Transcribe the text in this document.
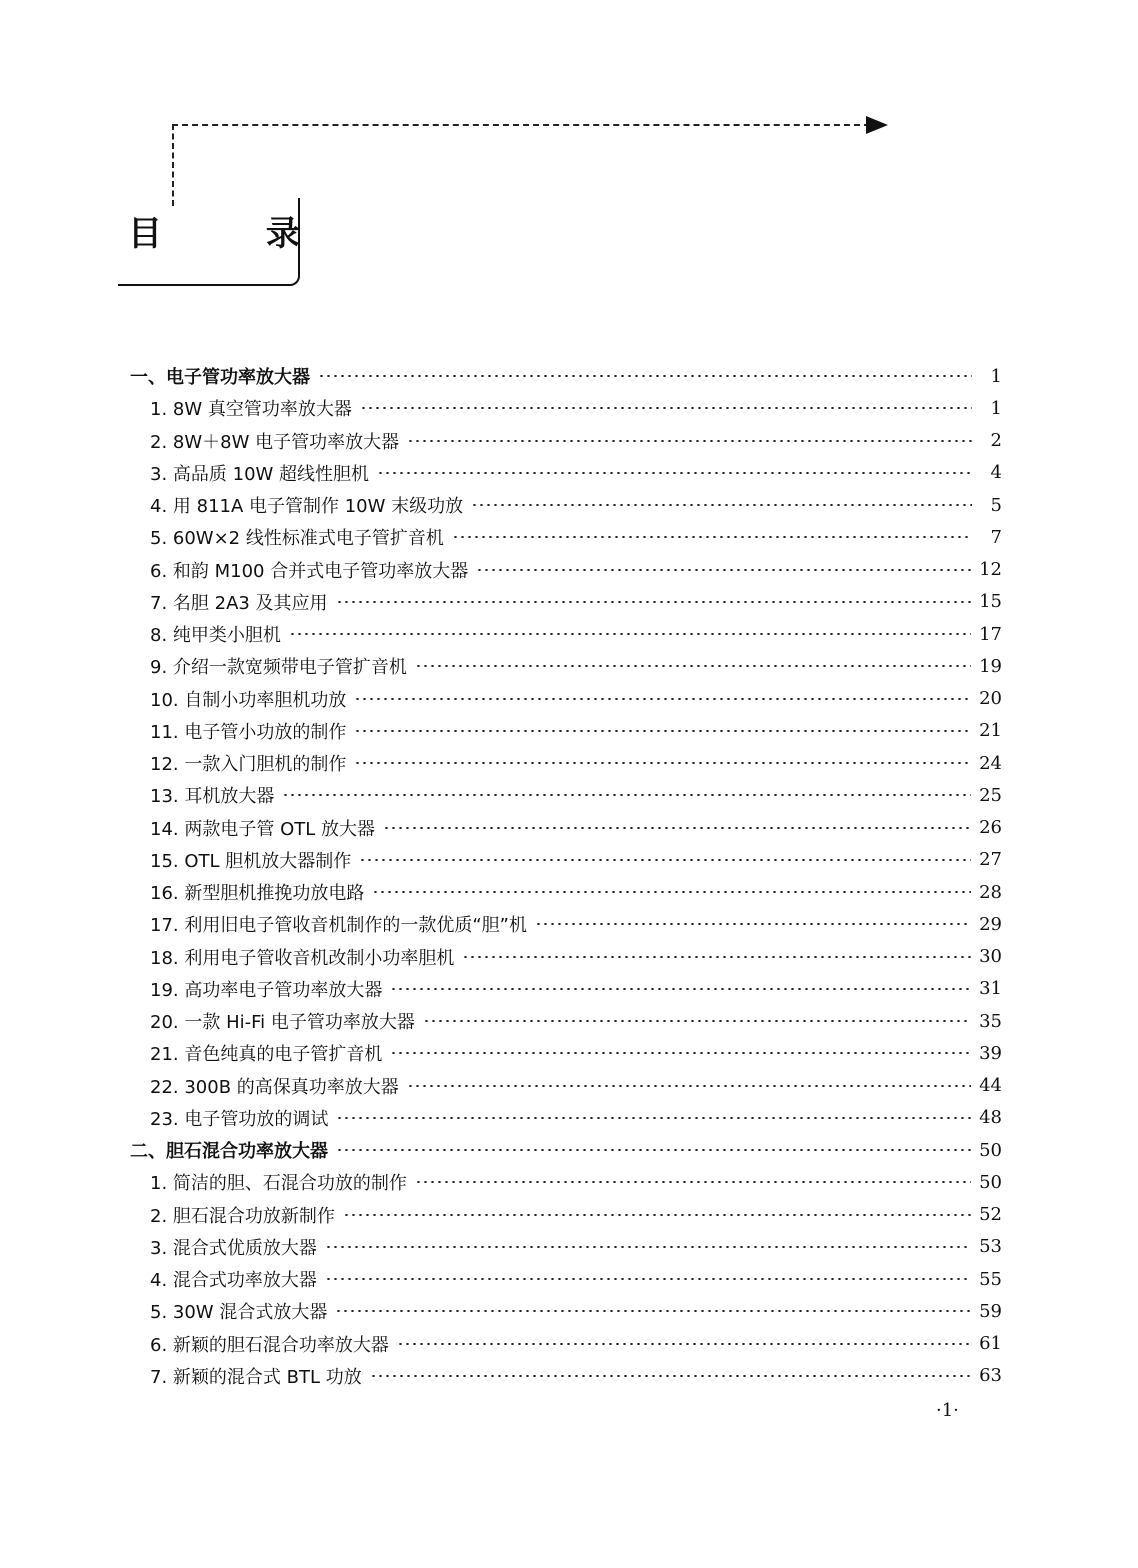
目 录
一、电子管功率放大器	1
1. 8W 真空管功率放大器	1
2. 8W＋8W 电子管功率放大器	2
3. 高品质 10W 超线性胆机	4
4. 用 811A 电子管制作 10W 末级功放	5
5. 60W×2 线性标准式电子管扩音机	7
6. 和韵 M100 合并式电子管功率放大器	12
7. 名胆 2A3 及其应用	15
8. 纯甲类小胆机	17
9. 介绍一款宽频带电子管扩音机	19
10. 自制小功率胆机功放	20
11. 电子管小功放的制作	21
12. 一款入门胆机的制作	24
13. 耳机放大器	25
14. 两款电子管 OTL 放大器	26
15. OTL 胆机放大器制作	27
16. 新型胆机推挽功放电路	28
17. 利用旧电子管收音机制作的一款优质“胆”机	29
18. 利用电子管收音机改制小功率胆机	30
19. 高功率电子管功率放大器	31
20. 一款 Hi-Fi 电子管功率放大器	35
21. 音色纯真的电子管扩音机	39
22. 300B 的高保真功率放大器	44
23. 电子管功放的调试	48
二、胆石混合功率放大器	50
1. 简洁的胆、石混合功放的制作	50
2. 胆石混合功放新制作	52
3. 混合式优质放大器	53
4. 混合式功率放大器	55
5. 30W 混合式放大器	59
6. 新颖的胆石混合功率放大器	61
7. 新颖的混合式 BTL 功放	63
·1·
